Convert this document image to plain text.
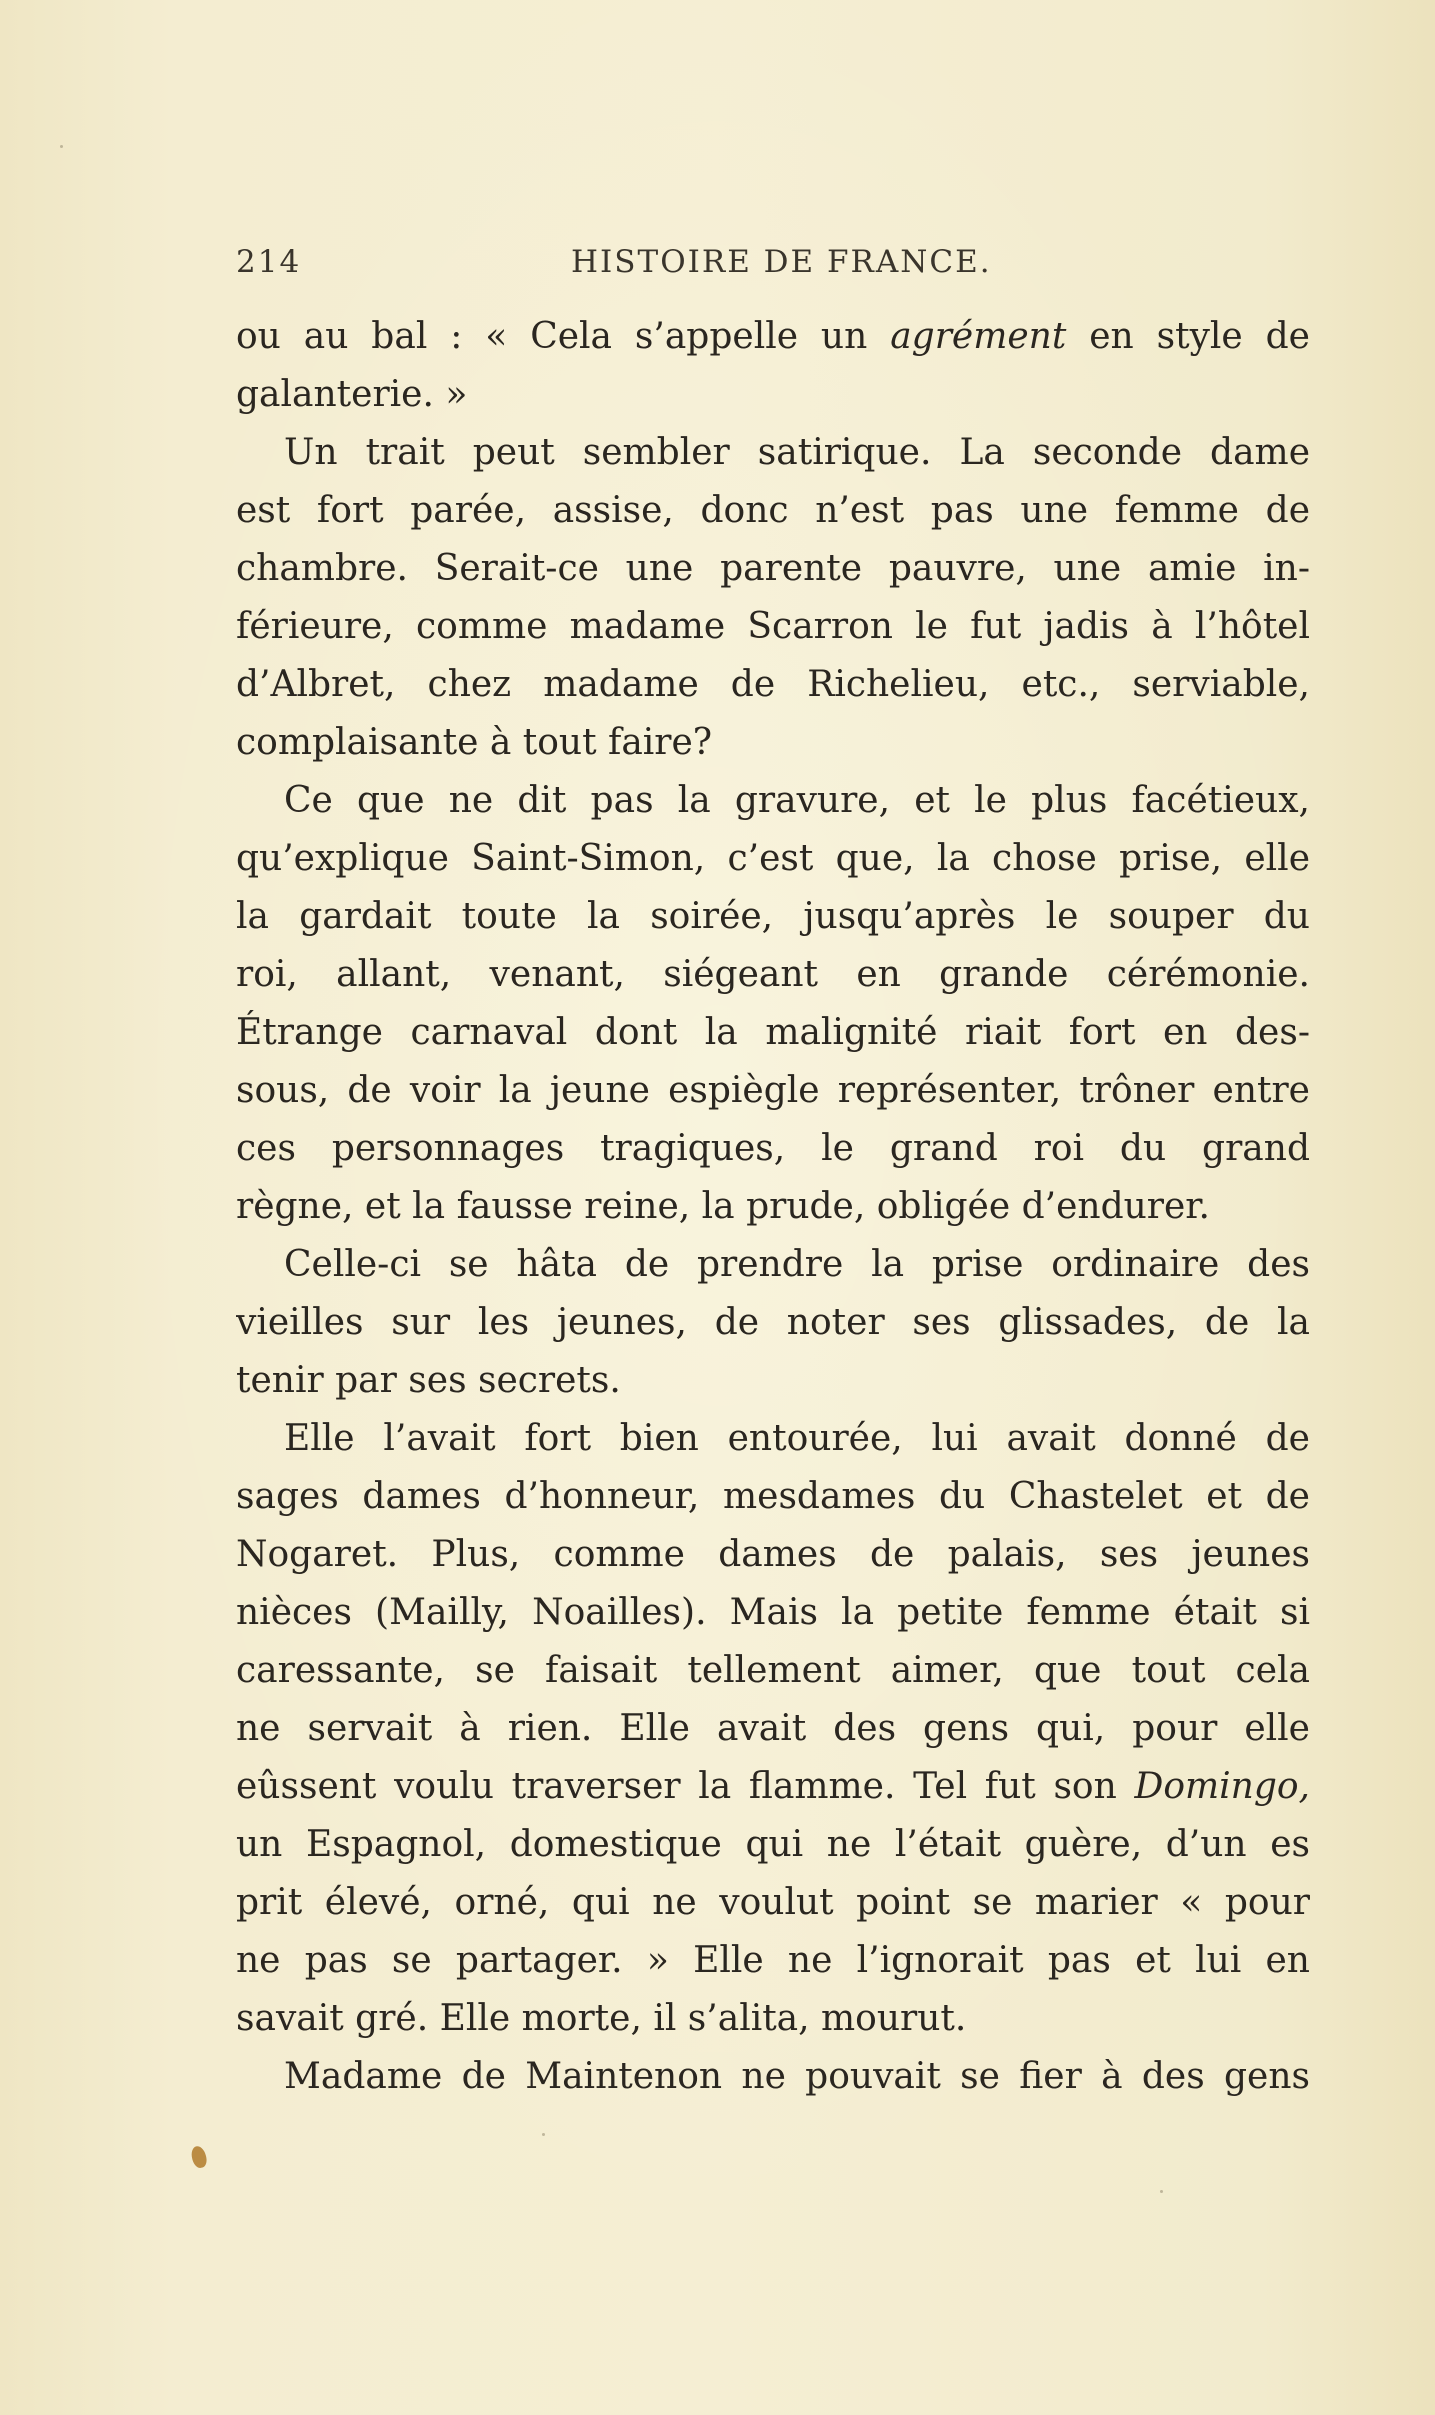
214	HISTOIRE DE FRANCE.
ou au bal : « Cela s’appelle un agrément en style de
galanterie. »
Un trait peut sembler satirique. La seconde dame
est fort parée, assise, donc n’est pas une femme de
chambre. Serait-ce une parente pauvre, une amie in-
férieure, comme madame Scarron le fut jadis à l’hôtel
d’Albret, chez madame de Richelieu, etc., serviable,
complaisante à tout faire?
Ce que ne dit pas la gravure, et le plus facétieux,
qu’explique Saint-Simon, c’est que, la chose prise, elle
la gardait toute la soirée, jusqu’après le souper du
roi, allant, venant, siégeant en grande cérémonie.
Étrange carnaval dont la malignité riait fort en des-
sous, de voir la jeune espiègle représenter, trôner entre
ces personnages tragiques, le grand roi du grand
règne, et la fausse reine, la prude, obligée d’endurer.
Celle-ci se hâta de prendre la prise ordinaire des
vieilles sur les jeunes, de noter ses glissades, de la
tenir par ses secrets.
Elle l’avait fort bien entourée, lui avait donné de
sages dames d’honneur, mesdames du Chastelet et de
Nogaret. Plus, comme dames de palais, ses jeunes
nièces (Mailly, Noailles). Mais la petite femme était si
caressante, se faisait tellement aimer, que tout cela
ne servait à rien. Elle avait des gens qui, pour elle
eûssent voulu traverser la flamme. Tel fut son Domingo,
un Espagnol, domestique qui ne l’était guère, d’un es
prit élevé, orné, qui ne voulut point se marier « pour
ne pas se partager. » Elle ne l’ignorait pas et lui en
savait gré. Elle morte, il s’alita, mourut.
Madame de Maintenon ne pouvait se fier à des gens
